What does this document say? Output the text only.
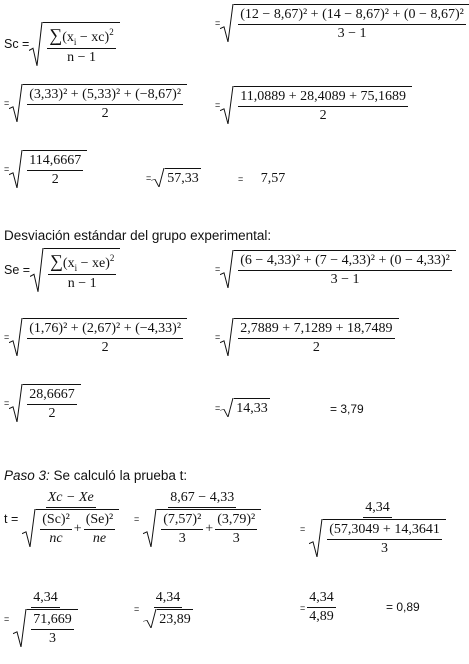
$Sc = \frac{\sum(x_i - xc)^2}{n - 1}$
= $\frac{\text{(12 − 8,67)² + (14 − 8,67)² + (0 − 8,67)²}}{3 - 1}$
= $\frac{\text{(3,33)² + (5,33)² + (−8,67)²}}{2}$	= $\frac{11,0889 + 28,4089 + 75,1689}{2}$
= $\frac{114,6667}{2}$	= 57,33	= 7,57
Desviación estándar del grupo experimental:
$Se = \frac{\sum(x_i - xe)^2}{n - 1}$	= $\frac{\text{(6 − 4,33)² + (7 − 4,33)² + (0 − 4,33)²}}{3 - 1}$
= $\frac{\text{(1,76)² + (2,67)² + (−4,33)²}}{2}$	= $\frac{2,7889 + 7,1289 + 18,7489}{2}$
= $\frac{28,6667}{2}$	= 14,33	= 3,79
Paso 3: Se calculó la prueba t:
$t = \frac{Xc - Xe}{\frac{\text{(Sc)²}}{nc} + \frac{\text{(Se)²}}{ne}} = \frac{8,67 - 4,33}{\frac{\text{(7,57)²}}{3} + \frac{\text{(3,79)²}}{3}}$	= $\frac{4,34}{\frac{(57,3049 + 14,3641}{3}}$
= $\frac{4,34}{\frac{71,669}{3}}$	= $\frac{4,34}{23,89}$	= $\frac{4,34}{4,89}$	= 0,89
